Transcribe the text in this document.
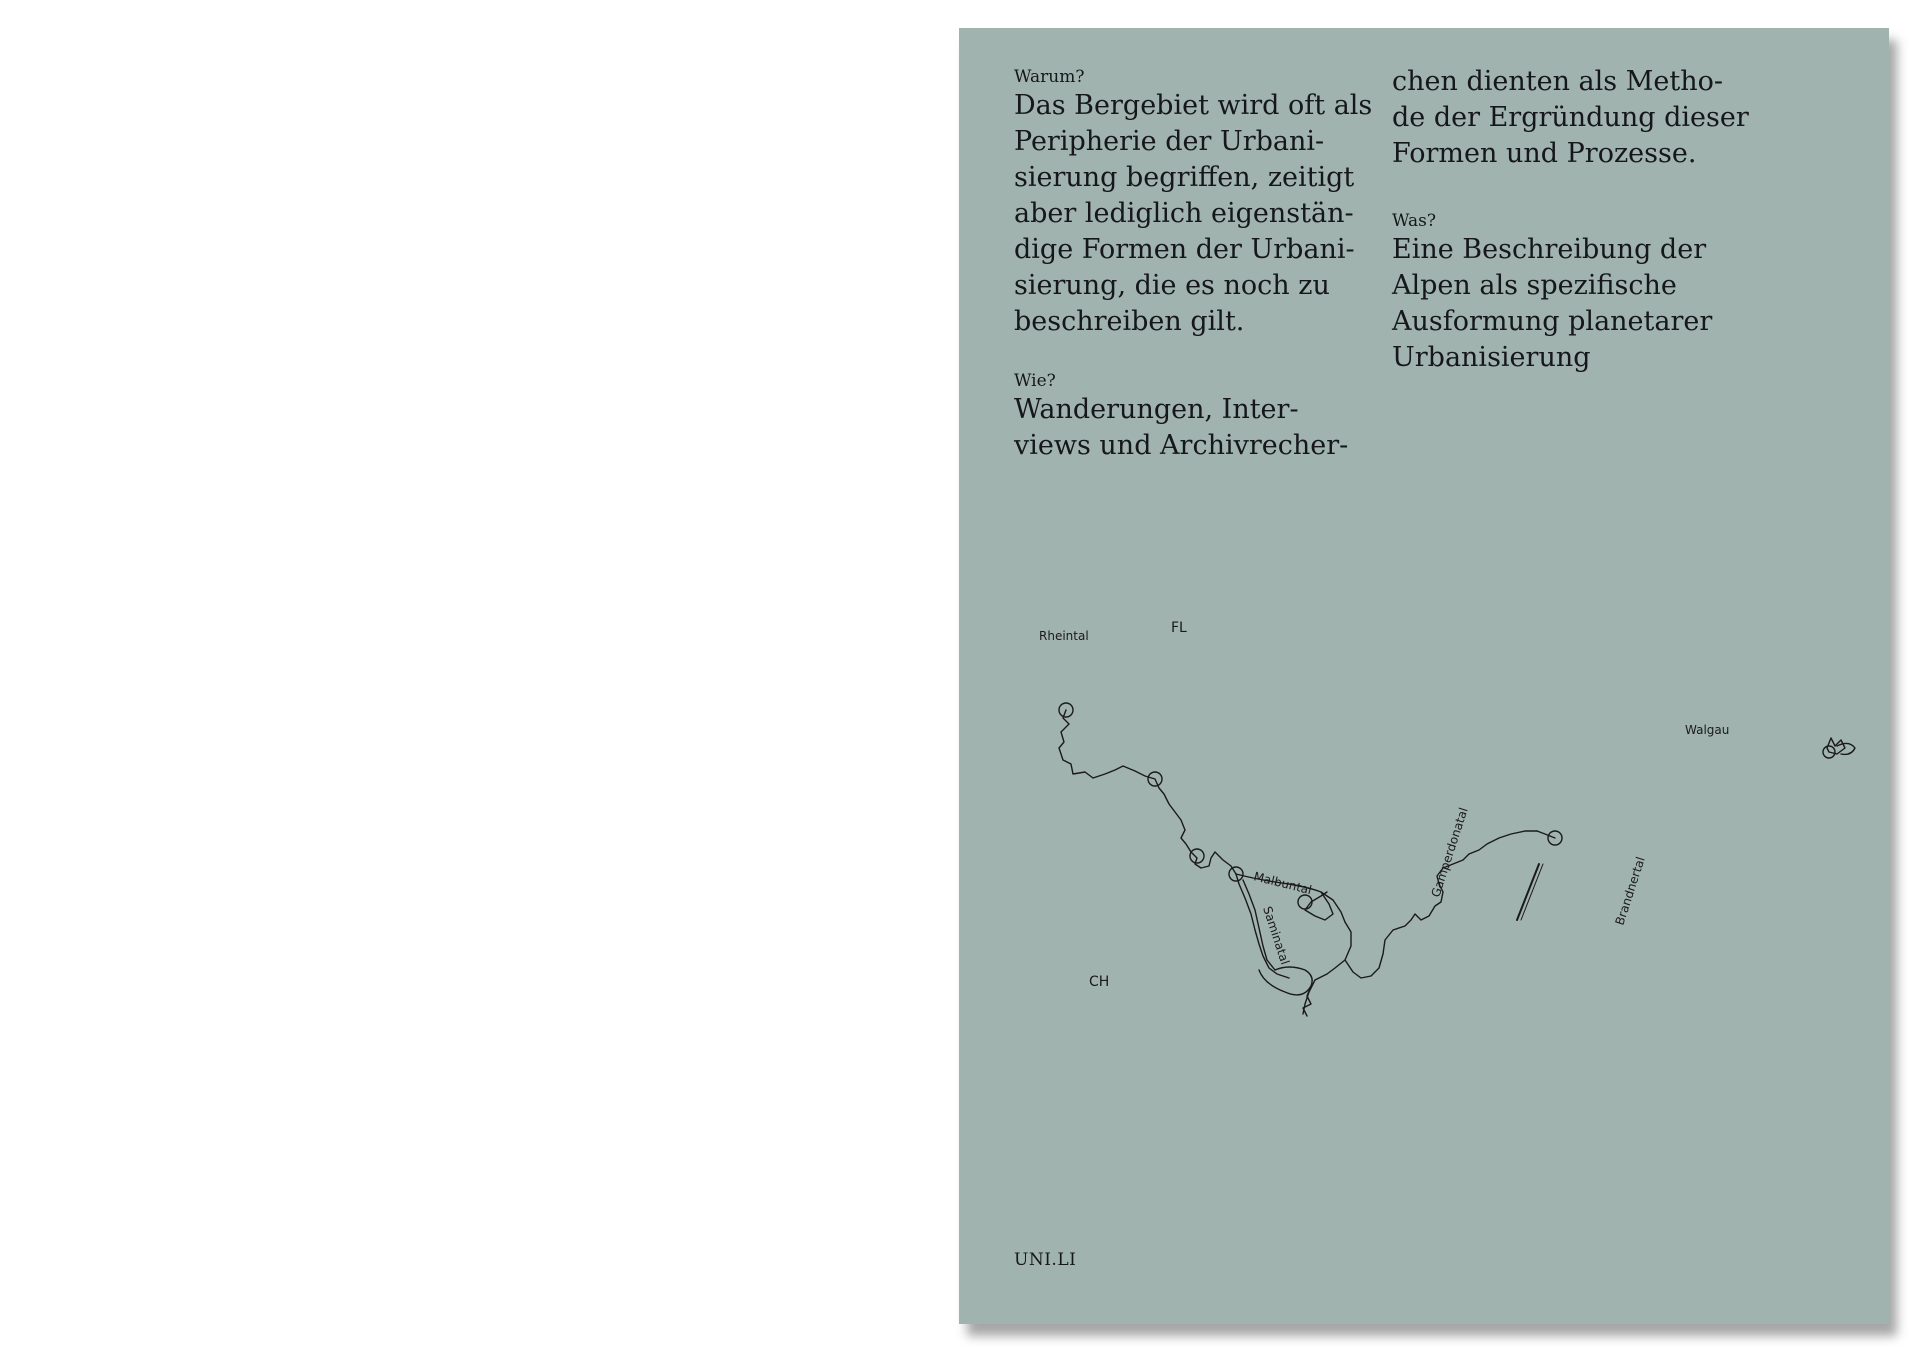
Warum?
Das Bergebiet wird oft als
Peripherie der Urbani-
sierung begriffen, zeitigt
aber lediglich eigenstän-
dige Formen der Urbani-
sierung, die es noch zu
beschreiben gilt.
Wie?
Wanderungen, Inter-
views und Archivrecher-
chen dienten als Metho-
de der Ergründung dieser
Formen und Prozesse.
Was?
Eine Beschreibung der
Alpen als spezifische
Ausformung planetarer
Urbanisierung
Rheintal	FL
Walgau
Malbuntal
Saminatal
Gamperdonatal	Brandnertal
CH
UNI.LI
